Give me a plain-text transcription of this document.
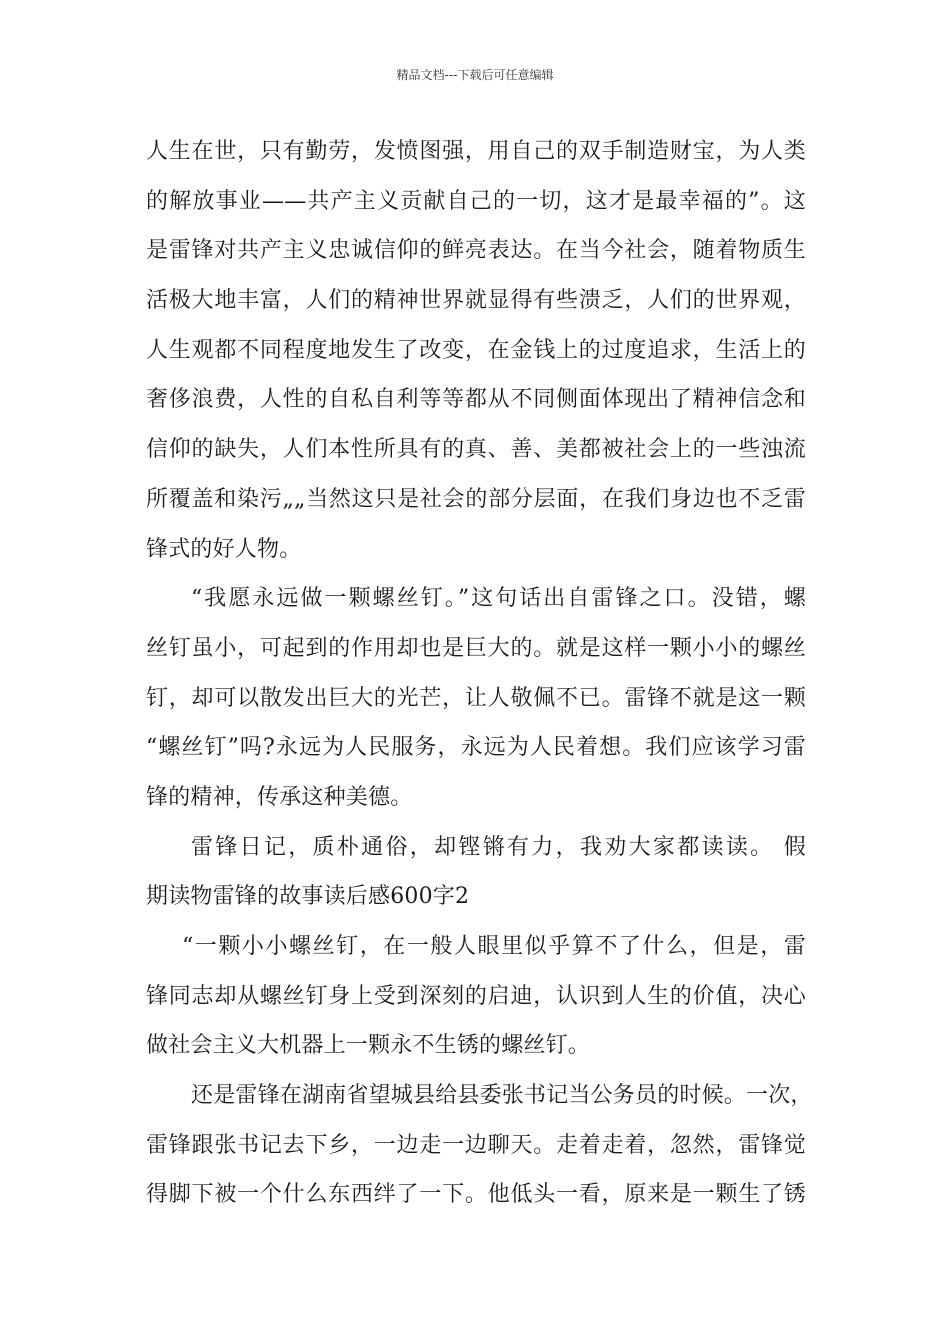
精品文档---下载后可任意编辑
人生在世，只有勤劳，发愤图强，用自己的双手制造财宝，为人类
的解放事业——共产主义贡献自己的一切，这才是最幸福的”。这
是雷锋对共产主义忠诚信仰的鲜亮表达。在当今社会，随着物质生
活极大地丰富，人们的精神世界就显得有些溃乏，人们的世界观，
人生观都不同程度地发生了改变，在金钱上的过度追求，生活上的
奢侈浪费，人性的自私自利等等都从不同侧面体现出了精神信念和
信仰的缺失，人们本性所具有的真、善、美都被社会上的一些浊流
所覆盖和染污„„当然这只是社会的部分层面，在我们身边也不乏雷
锋式的好人物。
“我愿永远做一颗螺丝钉。”这句话出自雷锋之口。没错，螺
丝钉虽小，可起到的作用却也是巨大的。就是这样一颗小小的螺丝
钉，却可以散发出巨大的光芒，让人敬佩不已。雷锋不就是这一颗
“螺丝钉”吗?永远为人民服务，永远为人民着想。我们应该学习雷
锋的精神，传承这种美德。
雷锋日记，质朴通俗，却铿锵有力，我劝大家都读读。 假
期读物雷锋的故事读后感600字2
“一颗小小螺丝钉，在一般人眼里似乎算不了什么，但是，雷
锋同志却从螺丝钉身上受到深刻的启迪，认识到人生的价值，决心
做社会主义大机器上一颗永不生锈的螺丝钉。
还是雷锋在湖南省望城县给县委张书记当公务员的时候。一次，
雷锋跟张书记去下乡，一边走一边聊天。走着走着，忽然，雷锋觉
得脚下被一个什么东西绊了一下。他低头一看，原来是一颗生了锈
